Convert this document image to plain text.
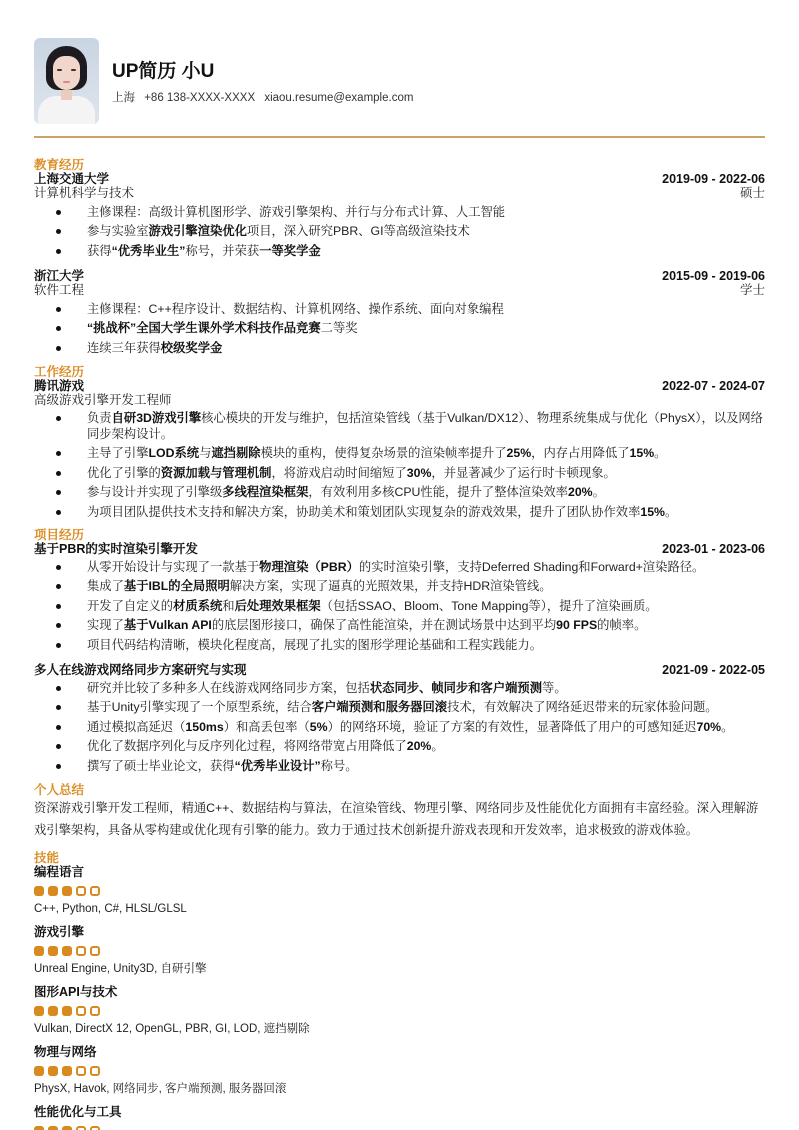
UP简历 小U
上海 +86 138-XXXX-XXXX xiaou.resume@example.com
教育经历
上海交通大学	2019-09 - 2022-06
计算机科学与技术	硕士
主修课程：高级计算机图形学、游戏引擎架构、并行与分布式计算、人工智能
参与实验室游戏引擎渲染优化项目，深入研究PBR、GI等高级渲染技术
获得“优秀毕业生”称号，并荣获一等奖学金
浙江大学	2015-09 - 2019-06
软件工程	学士
主修课程：C++程序设计、数据结构、计算机网络、操作系统、面向对象编程
“挑战杯”全国大学生课外学术科技作品竞赛二等奖
连续三年获得校级奖学金
工作经历
腾讯游戏	2022-07 - 2024-07
高级游戏引擎开发工程师
负责自研3D游戏引擎核心模块的开发与维护，包括渲染管线（基于Vulkan/DX12）、物理系统集成与优化（PhysX），以及网络同步架构设计。
主导了引擎LOD系统与遮挡剔除模块的重构，使得复杂场景的渲染帧率提升了25%，内存占用降低了15%。
优化了引擎的资源加载与管理机制，将游戏启动时间缩短了30%，并显著减少了运行时卡顿现象。
参与设计并实现了引擎级多线程渲染框架，有效利用多核CPU性能，提升了整体渲染效率20%。
为项目团队提供技术支持和解决方案，协助美术和策划团队实现复杂的游戏效果，提升了团队协作效率15%。
项目经历
基于PBR的实时渲染引擎开发	2023-01 - 2023-06
从零开始设计与实现了一款基于物理渲染（PBR）的实时渲染引擎，支持Deferred Shading和Forward+渲染路径。
集成了基于IBL的全局照明解决方案，实现了逼真的光照效果，并支持HDR渲染管线。
开发了自定义的材质系统和后处理效果框架（包括SSAO、Bloom、Tone Mapping等），提升了渲染画质。
实现了基于Vulkan API的底层图形接口，确保了高性能渲染，并在测试场景中达到平均90 FPS的帧率。
项目代码结构清晰，模块化程度高，展现了扎实的图形学理论基础和工程实践能力。
多人在线游戏网络同步方案研究与实现	2021-09 - 2022-05
研究并比较了多种多人在线游戏网络同步方案，包括状态同步、帧同步和客户端预测等。
基于Unity引擎实现了一个原型系统，结合客户端预测和服务器回滚技术，有效解决了网络延迟带来的玩家体验问题。
通过模拟高延迟（150ms）和高丢包率（5%）的网络环境，验证了方案的有效性，显著降低了用户的可感知延迟70%。
优化了数据序列化与反序列化过程，将网络带宽占用降低了20%。
撰写了硕士毕业论文，获得“优秀毕业设计”称号。
个人总结
资深游戏引擎开发工程师，精通C++、数据结构与算法，在渲染管线、物理引擎、网络同步及性能优化方面拥有丰富经验。深入理解游戏引擎架构，具备从零构建或优化现有引擎的能力。致力于通过技术创新提升游戏表现和开发效率，追求极致的游戏体验。
技能
编程语言
C++, Python, C#, HLSL/GLSL
游戏引擎
Unreal Engine, Unity3D, 自研引擎
图形API与技术
Vulkan, DirectX 12, OpenGL, PBR, GI, LOD, 遮挡剔除
物理与网络
PhysX, Havok, 网络同步, 客户端预测, 服务器回滚
性能优化与工具
